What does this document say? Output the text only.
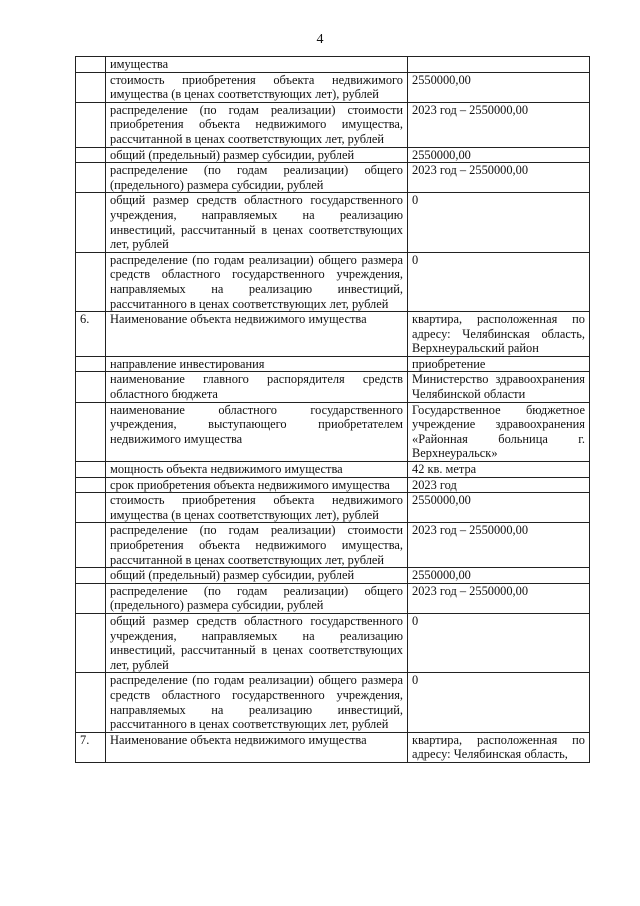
4
	имущества	
	стоимость приобретения объекта недвижимого имущества (в ценах соответствующих лет), рублей	2550000,00
	распределение (по годам реализации) стоимости приобретения объекта недвижимого имущества, рассчитанной в ценах соответствующих лет, рублей	2023 год – 2550000,00
	общий (предельный) размер субсидии, рублей	2550000,00
	распределение (по годам реализации) общего (предельного) размера субсидии, рублей	2023 год – 2550000,00
	общий размер средств областного государственного учреждения, направляемых на реализацию инвестиций, рассчитанный в ценах соответствующих лет, рублей	0
	распределение (по годам реализации) общего размера средств областного государственного учреждения, направляемых на реализацию инвестиций, рассчитанного в ценах соответствующих лет, рублей	0
6.	Наименование объекта недвижимого имущества	квартира, расположенная по адресу: Челябинская область, Верхнеуральский район
	направление инвестирования	приобретение
	наименование главного распорядителя средств областного бюджета	Министерство здравоохранения Челябинской области
	наименование областного государственного учреждения, выступающего приобретателем недвижимого имущества	Государственное бюджетное учреждение здравоохранения «Районная больница г. Верхнеуральск»
	мощность объекта недвижимого имущества	42 кв. метра
	срок приобретения объекта недвижимого имущества	2023 год
	стоимость приобретения объекта недвижимого имущества (в ценах соответствующих лет), рублей	2550000,00
	распределение (по годам реализации) стоимости приобретения объекта недвижимого имущества, рассчитанной в ценах соответствующих лет, рублей	2023 год – 2550000,00
	общий (предельный) размер субсидии, рублей	2550000,00
	распределение (по годам реализации) общего (предельного) размера субсидии, рублей	2023 год – 2550000,00
	общий размер средств областного государственного учреждения, направляемых на реализацию инвестиций, рассчитанный в ценах соответствующих лет, рублей	0
	распределение (по годам реализации) общего размера средств областного государственного учреждения, направляемых на реализацию инвестиций, рассчитанного в ценах соответствующих лет, рублей	0
7.	Наименование объекта недвижимого имущества	квартира, расположенная по адресу: Челябинская область,
